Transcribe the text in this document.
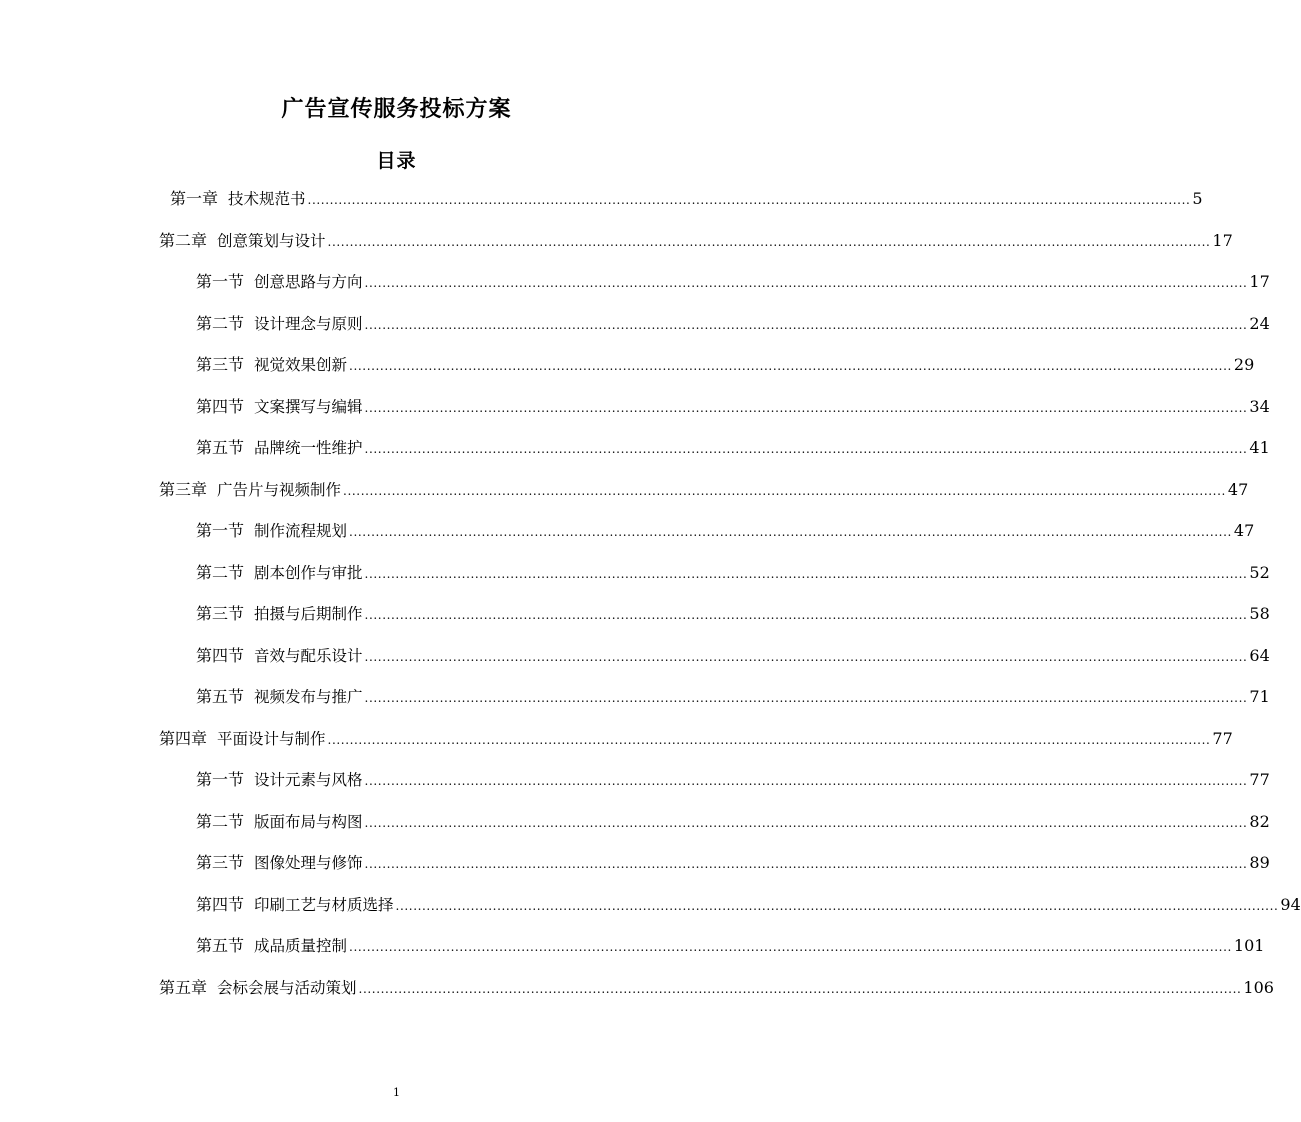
广告宣传服务投标方案
目录
第一章 技术规范书 ........................................................................................................................................................................................................ 5
第二章 创意策划与设计 ........................................................................................................................................................................................................ 17
第一节 创意思路与方向 ........................................................................................................................................................................................................ 17
第二节 设计理念与原则 ........................................................................................................................................................................................................ 24
第三节 视觉效果创新 ........................................................................................................................................................................................................ 29
第四节 文案撰写与编辑 ........................................................................................................................................................................................................ 34
第五节 品牌统一性维护 ........................................................................................................................................................................................................ 41
第三章 广告片与视频制作 ........................................................................................................................................................................................................ 47
第一节 制作流程规划 ........................................................................................................................................................................................................ 47
第二节 剧本创作与审批 ........................................................................................................................................................................................................ 52
第三节 拍摄与后期制作 ........................................................................................................................................................................................................ 58
第四节 音效与配乐设计 ........................................................................................................................................................................................................ 64
第五节 视频发布与推广 ........................................................................................................................................................................................................ 71
第四章 平面设计与制作 ........................................................................................................................................................................................................ 77
第一节 设计元素与风格 ........................................................................................................................................................................................................ 77
第二节 版面布局与构图 ........................................................................................................................................................................................................ 82
第三节 图像处理与修饰 ........................................................................................................................................................................................................ 89
第四节 印刷工艺与材质选择 ........................................................................................................................................................................................................ 94
第五节 成品质量控制 ........................................................................................................................................................................................................ 101
第五章 会标会展与活动策划 ........................................................................................................................................................................................................ 106
1
